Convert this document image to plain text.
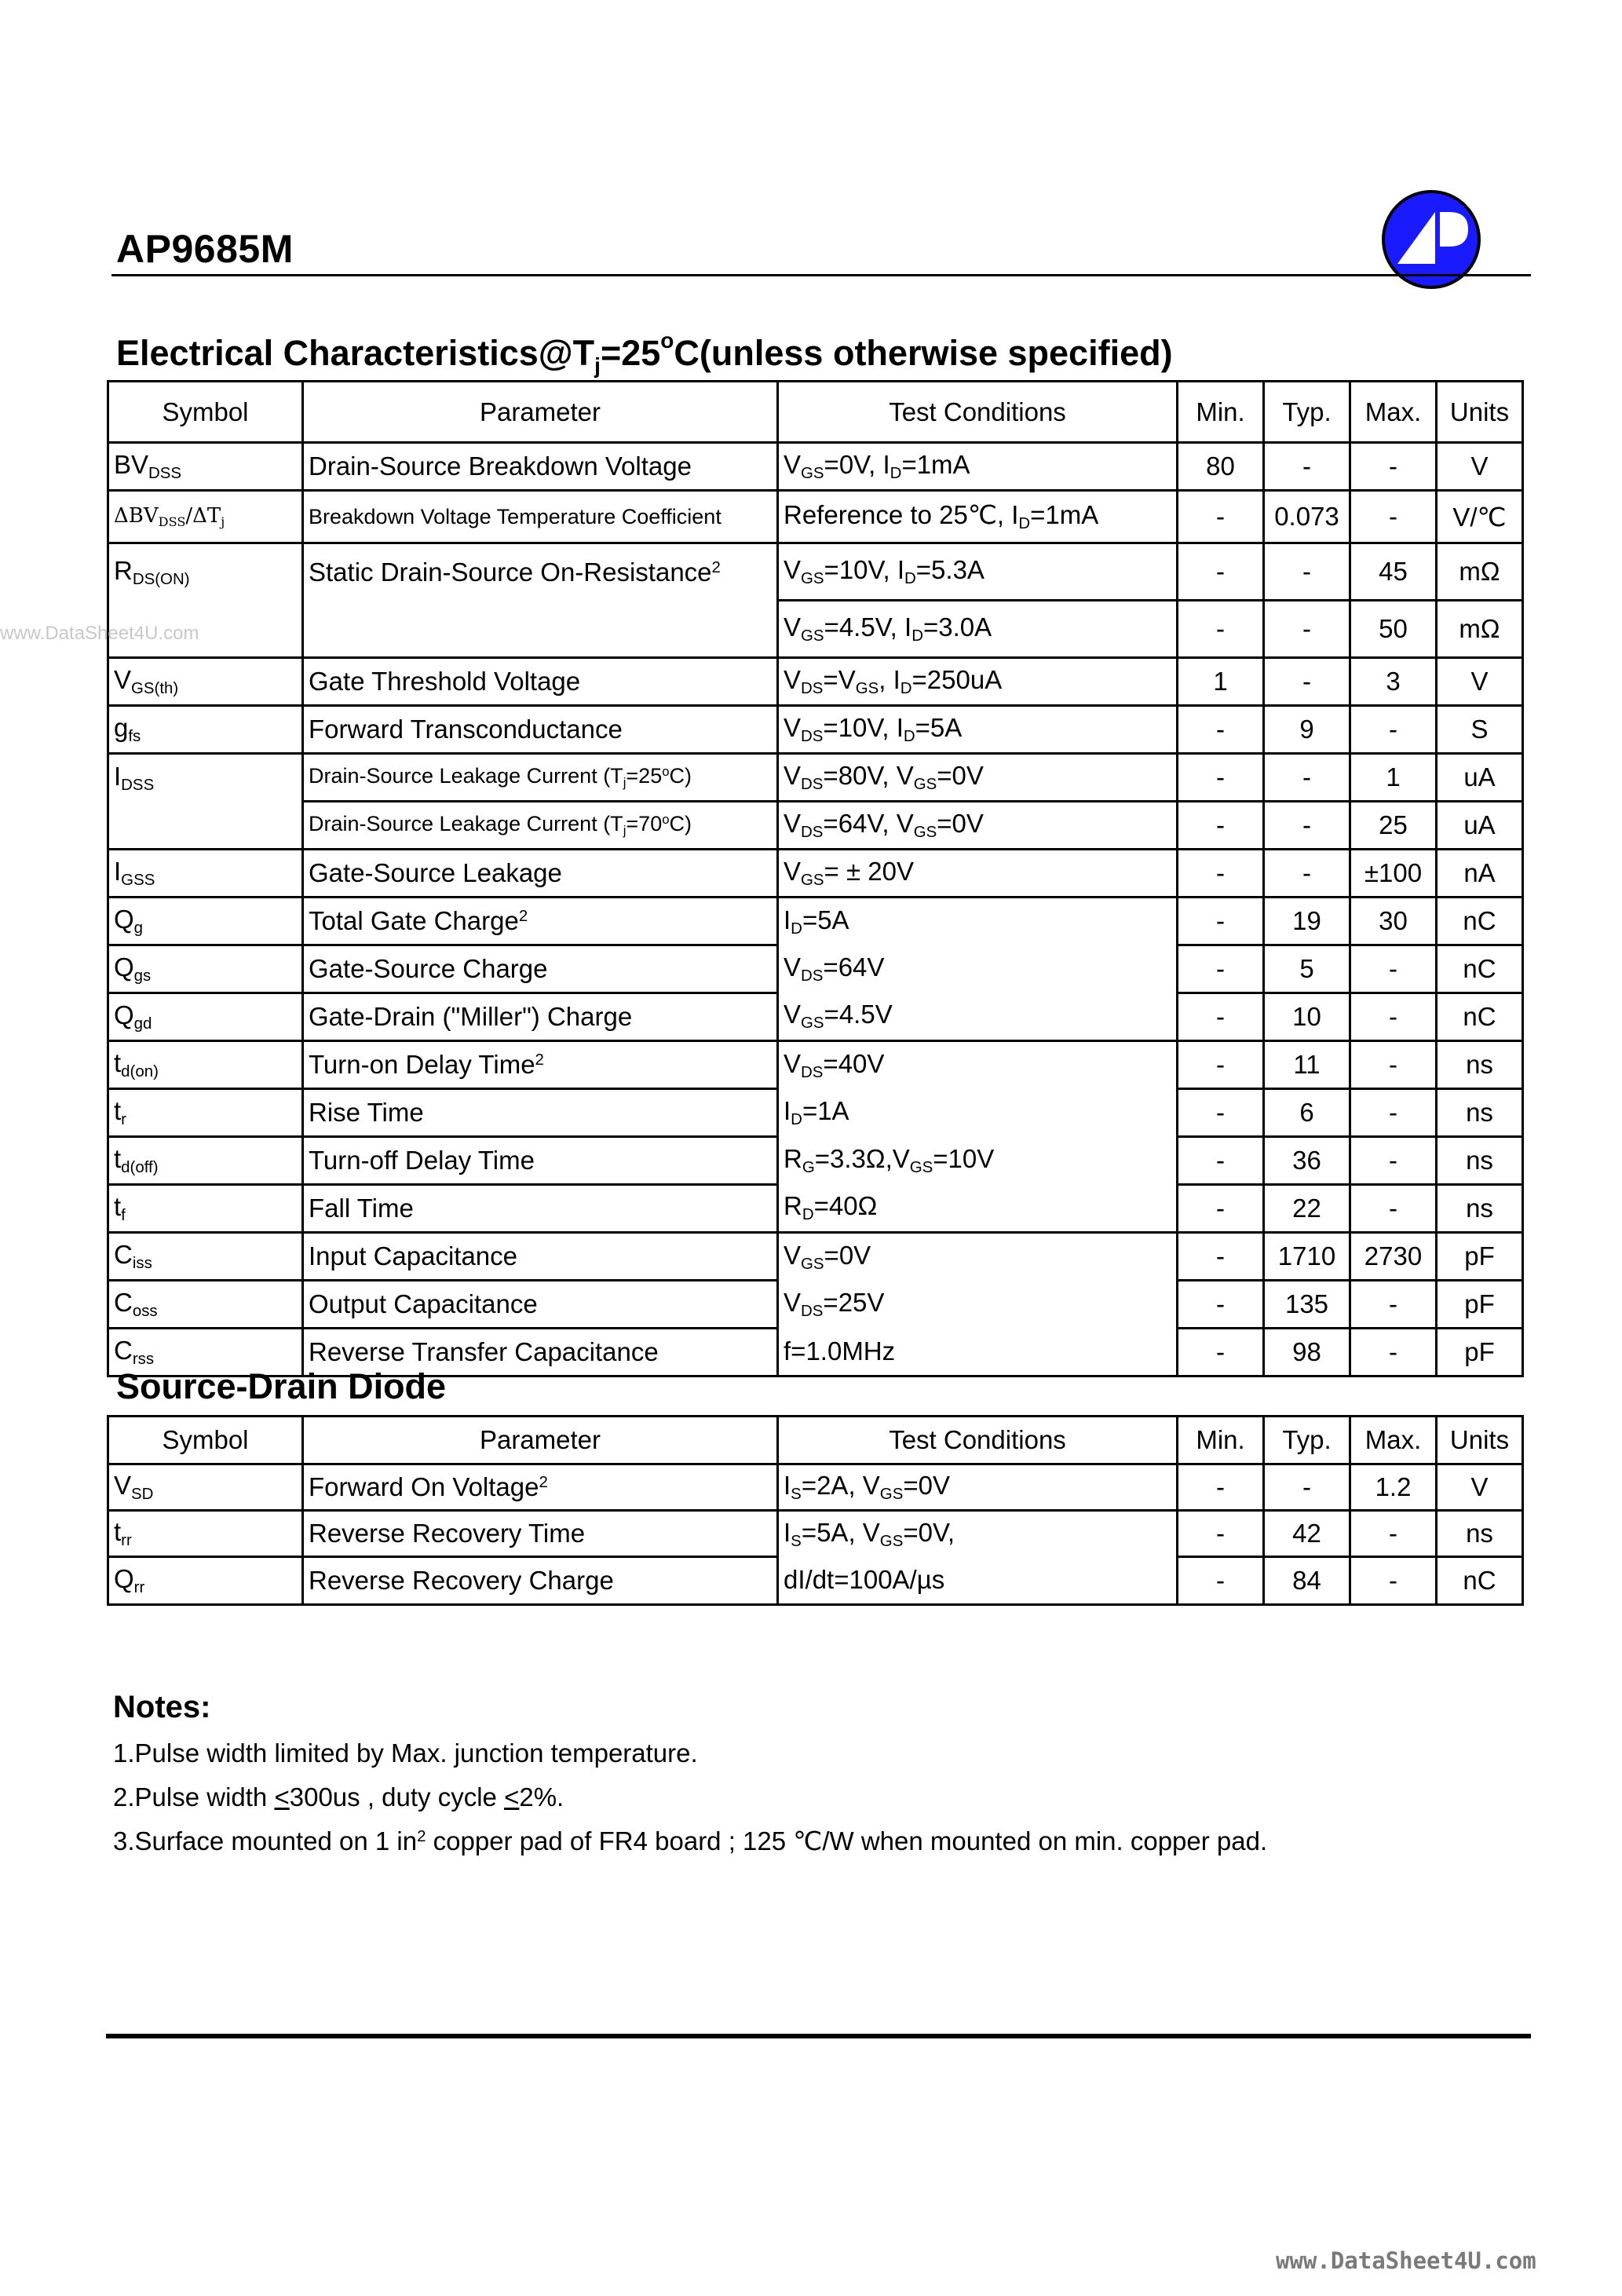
AP9685M
Electrical $Characteristics@T_j=25^oC(unless$ otherwise specified)
Symbol	Parameter	Test Conditions	Min.	Typ.	Max.	Units
$BV_{DSS}$	Drain-Source Breakdown Voltage	$V_{GS}=0V$, $I_D=1mA$	80	-	-	V
$\Delta BV_{DSS}/\Delta T_j$	Breakdown Voltage Temperature Coefficient	Reference to 25℃, $I_D=1mA$	-	0.073	-	V/℃
$R_{DS(ON)}$	Static Drain-Source On-Resistance$^2$	$V_{GS}=10V$, $I_D=5.3A$	-	-	45	mΩ
		$V_{GS}=4.5V$, $I_D=3.0A$	-	-	50	mΩ
$V_{GS(th)}$	Gate Threshold Voltage	$V_{DS}=V_{GS}$, $I_D=250uA$	1	-	3	V
$g_{fs}$	Forward Transconductance	$V_{DS}=10V$, $I_D=5A$	-	9	-	S
$I_{DSS}$	Drain-Source Leakage Current $(T_j=25^oC)$	$V_{DS}=80V$, $V_{GS}=0V$	-	-	1	uA
	Drain-Source Leakage Current $(T_j=70^oC)$	$V_{DS}=64V$, $V_{GS}=0V$	-	-	25	uA
$I_{GSS}$	Gate-Source Leakage	$V_{GS}= \pm 20V$	-	-	±100	nA
$Q_g$	Total Gate Charge$^2$	$I_D=5A$	-	19	30	nC
$Q_{gs}$	Gate-Source Charge	$V_{DS}=64V$	-	5	-	nC
$Q_{gd}$	Gate-Drain ("Miller") Charge	$V_{GS}=4.5V$	-	10	-	nC
$t_{d(on)}$	Turn-on Delay Time$^2$	$V_{DS}=40V$	-	11	-	ns
$t_r$	Rise Time	$I_D=1A$	-	6	-	ns
$t_{d(off)}$	Turn-off Delay Time	$R_G=3.3\Omega,V_{GS}=10V$	-	36	-	ns
$t_f$	Fall Time	$R_D=40\Omega$	-	22	-	ns
$C_{iss}$	Input Capacitance	$V_{GS}=0V$	-	1710	2730	pF
$C_{oss}$	Output Capacitance	$V_{DS}=25V$	-	135	-	pF
$C_{rss}$	Reverse Transfer Capacitance	f=1.0MHz	-	98	-	pF
Source-Drain Diode
Symbol	Parameter	Test Conditions	Min.	Typ.	Max.	Units
$V_{SD}$	Forward On Voltage$^2$	$I_S=2A$, $V_{GS}=0V$	-	-	1.2	V
$t_{rr}$	Reverse Recovery Time	$I_S=5A$, $V_{GS}=0V$,	-	42	-	ns
$Q_{rr}$	Reverse Recovery Charge	dI/dt=100A/µs	-	84	-	nC
Notes:
1.Pulse width limited by Max. junction temperature.
2.Pulse width <300us , duty cycle <2%.
3.Surface mounted on 1 $in^2$ copper pad of FR4 board ; 125 ℃/W when mounted on min. copper pad.
www.DataSheet4U.com
www.DataSheet4U.com
